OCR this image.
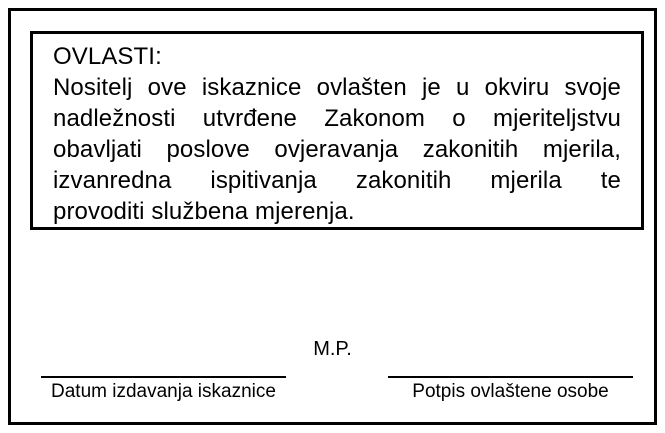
OVLASTI:
Nositelj ove iskaznice ovlašten je u okviru svoje
nadležnosti utvrđene Zakonom o mjeriteljstvu
obavljati poslove ovjeravanja zakonitih mjerila,
izvanredna ispitivanja zakonitih mjerila te
provoditi službena mjerenja.
M.P.
Datum izdavanja iskaznice	Potpis ovlaštene osobe
